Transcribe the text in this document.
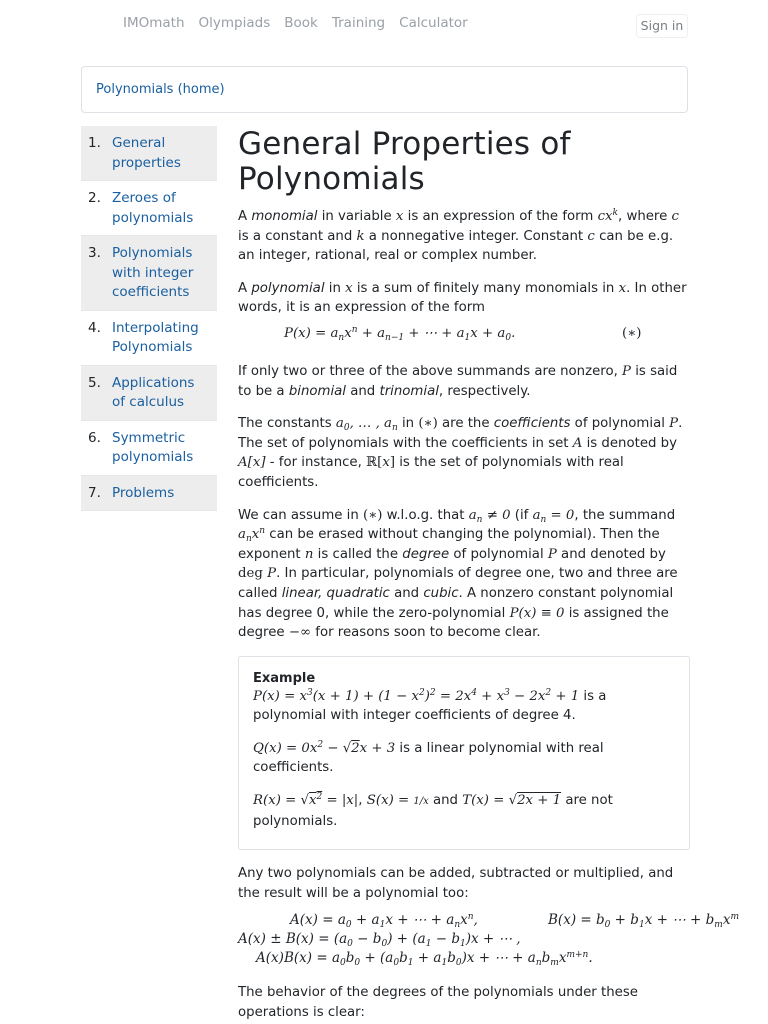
IMOmath Olympiads Book Training Calculator	Sign in
Polynomials (home)
1. General properties
2. Zeroes of polynomials
3. Polynomials with integer coefficients
4. Interpolating Polynomials
5. Applications of calculus
6. Symmetric polynomials
7. Problems
General Properties of Polynomials

A monomial in variable x is an expression of the form $cx^k$, where c is a constant and k a nonnegative integer. Constant c can be e.g. an integer, rational, real or complex number.

A polynomial in x is a sum of finitely many monomials in x. In other words, it is an expression of the form

$P(x) = a_nx^n + a_{n-1}$ + ⋯ + $a_1x + a_0$.	(∗)

If only two or three of the above summands are nonzero, P is said to be a binomial and trinomial, respectively.

The constants $a_0$, … , $a_n$ in (∗) are the coefficients of polynomial P. The set of polynomials with the coefficients in set A is denoted by A[x] - for instance, ℝ[x] is the set of polynomials with real coefficients.

We can assume in (∗) w.l.o.g. that $a_n \ne 0$ (if $a_n = 0$, the summand $a_nx^n$ can be erased without changing the polynomial). Then the exponent n is called the degree of polynomial P and denoted by deg P. In particular, polynomials of degree one, two and three are called linear, quadratic and cubic. A nonzero constant polynomial has degree 0, while the zero-polynomial P(x) ≡ 0 is assigned the degree −∞ for reasons soon to become clear.

Example

$P(x) = x^3(x + 1) + (1 - x^2)^2 = 2x^4 + x^3 - 2x^2 + 1$ is a polynomial with integer coefficients of degree 4.

$Q(x) = 0x^2 - √2x + 3$ is a linear polynomial with real coefficients.

$R(x) = √x^2 = |x|$, S(x) = 1/x and T(x) = √2x + 1 are not polynomials.

Any two polynomials can be added, subtracted or multiplied, and the result will be a polynomial too:

$A(x) = a_0 + a_1x$ + ⋯ + $a_nx^n$,	$B(x) = b_0 + b_1x$ + ⋯ + $b_mx^m$
$A(x) \pm B(x) = (a_0 - b_0) + (a_1 - b_1)x$ + ⋯ ,
$A(x)B(x) = a_0b_0 + (a_0b_1 + a_1b_0)x$ + ⋯ + $a_nb_mx^{m+n}$.

The behavior of the degrees of the polynomials under these operations is clear:
